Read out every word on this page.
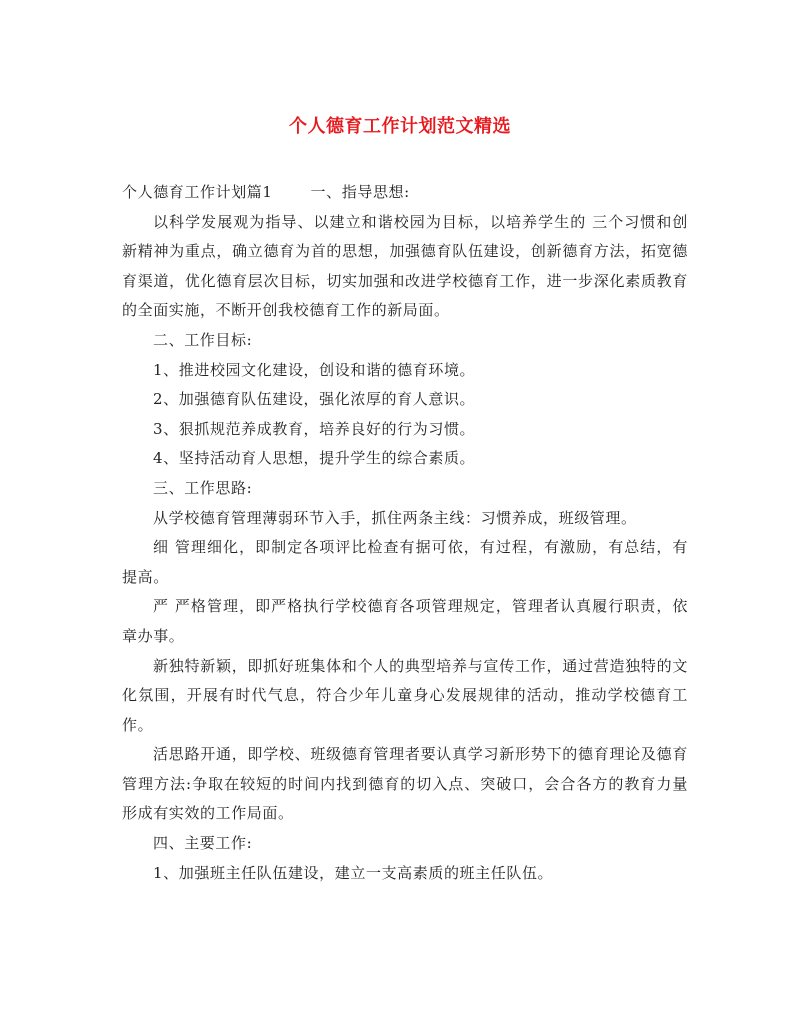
个人德育工作计划范文精选

个人德育工作计划篇1	一、指导思想:

以科学发展观为指导、以建立和谐校园为目标，以培养学生的 三个习惯和创新精神为重点，确立德育为首的思想，加强德育队伍建设，创新德育方法，拓宽德育渠道，优化德育层次目标，切实加强和改进学校德育工作，进一步深化素质教育的全面实施，不断开创我校德育工作的新局面。

二、工作目标:

1、推进校园文化建设，创设和谐的德育环境。

2、加强德育队伍建设，强化浓厚的育人意识。

3、狠抓规范养成教育，培养良好的行为习惯。

4、坚持活动育人思想，提升学生的综合素质。

三、工作思路:

从学校德育管理薄弱环节入手，抓住两条主线：习惯养成，班级管理。

细 管理细化，即制定各项评比检查有据可依，有过程，有激励，有总结，有提高。

严 严格管理，即严格执行学校德育各项管理规定，管理者认真履行职责，依章办事。

新独特新颖，即抓好班集体和个人的典型培养与宣传工作，通过营造独特的文化氛围，开展有时代气息，符合少年儿童身心发展规律的活动，推动学校德育工作。

活思路开通，即学校、班级德育管理者要认真学习新形势下的德育理论及德育管理方法:争取在较短的时间内找到德育的切入点、突破口，会合各方的教育力量形成有实效的工作局面。

四、主要工作:

1、加强班主任队伍建设，建立一支高素质的班主任队伍。
